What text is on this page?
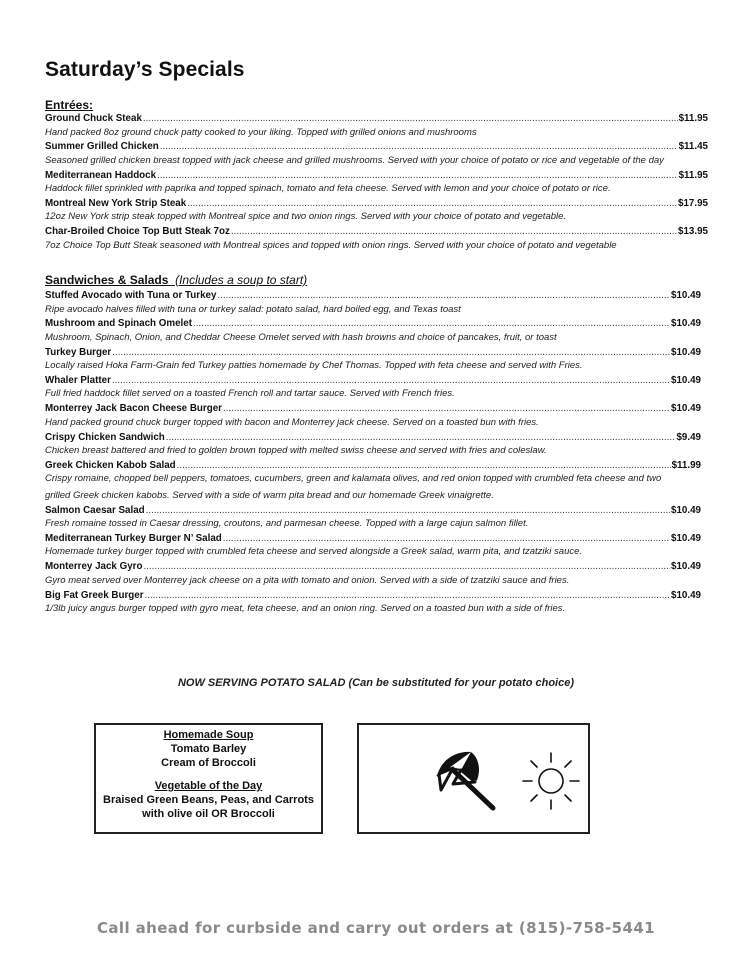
Saturday’s Specials
Entrées:
Ground Chuck Steak .....	$11.95
Hand packed 8oz ground chuck patty cooked to your liking. Topped with grilled onions and mushrooms
Summer Grilled Chicken .....	$11.45
Seasoned grilled chicken breast topped with jack cheese and grilled mushrooms. Served with your choice of potato or rice and vegetable of the day
Mediterranean Haddock .....	$11.95
Haddock fillet sprinkled with paprika and topped spinach, tomato and feta cheese. Served with lemon and your choice of potato or rice.
Montreal New York Strip Steak .....	$17.95
12oz New York strip steak topped with Montreal spice and two onion rings. Served with your choice of potato and vegetable.
Char-Broiled Choice Top Butt Steak 7oz .....	$13.95
7oz Choice Top Butt Steak seasoned with Montreal spices and topped with onion rings. Served with your choice of potato and vegetable
Sandwiches & Salads (Includes a soup to start)
Stuffed Avocado with Tuna or Turkey .....	$10.49
Ripe avocado halves filled with tuna or turkey salad: potato salad, hard boiled egg, and Texas toast
Mushroom and Spinach Omelet .....	$10.49
Mushroom, Spinach, Onion, and Cheddar Cheese Omelet served with hash browns and choice of pancakes, fruit, or toast
Turkey Burger .....	$10.49
Locally raised Hoka Farm-Grain fed Turkey patties homemade by Chef Thomas. Topped with feta cheese and served with Fries.
Whaler Platter .....	$10.49
Full fried haddock fillet served on a toasted French roll and tartar sauce. Served with French fries.
Monterrey Jack Bacon Cheese Burger .....	$10.49
Hand packed ground chuck burger topped with bacon and Monterrey jack cheese. Served on a toasted bun with fries.
Crispy Chicken Sandwich .....	$9.49
Chicken breast battered and fried to golden brown topped with melted swiss cheese and served with fries and coleslaw.
Greek Chicken Kabob Salad .....	$11.99
Crispy romaine, chopped bell peppers, tomatoes, cucumbers, green and kalamata olives, and red onion topped with crumbled feta cheese and two
grilled Greek chicken kabobs. Served with a side of warm pita bread and our homemade Greek vinaigrette.
Salmon Caesar Salad .....	$10.49
Fresh romaine tossed in Caesar dressing, croutons, and parmesan cheese. Topped with a large cajun salmon fillet.
Mediterranean Turkey Burger N’ Salad .....	$10.49
Homemade turkey burger topped with crumbled feta cheese and served alongside a Greek salad, warm pita, and tzatziki sauce.
Monterrey Jack Gyro .....	$10.49
Gyro meat served over Monterrey jack cheese on a pita with tomato and onion. Served with a side of tzatziki sauce and fries.
Big Fat Greek Burger .....	$10.49
1/3lb juicy angus burger topped with gyro meat, feta cheese, and an onion ring. Served on a toasted bun with a side of fries.
NOW SERVING POTATO SALAD (Can be substituted for your potato choice)
Homemade Soup
Tomato Barley
Cream of Broccoli
Vegetable of the Day
Braised Green Beans, Peas, and Carrots
with olive oil OR Broccoli
Call ahead for curbside and carry out orders at (815)-758-5441
